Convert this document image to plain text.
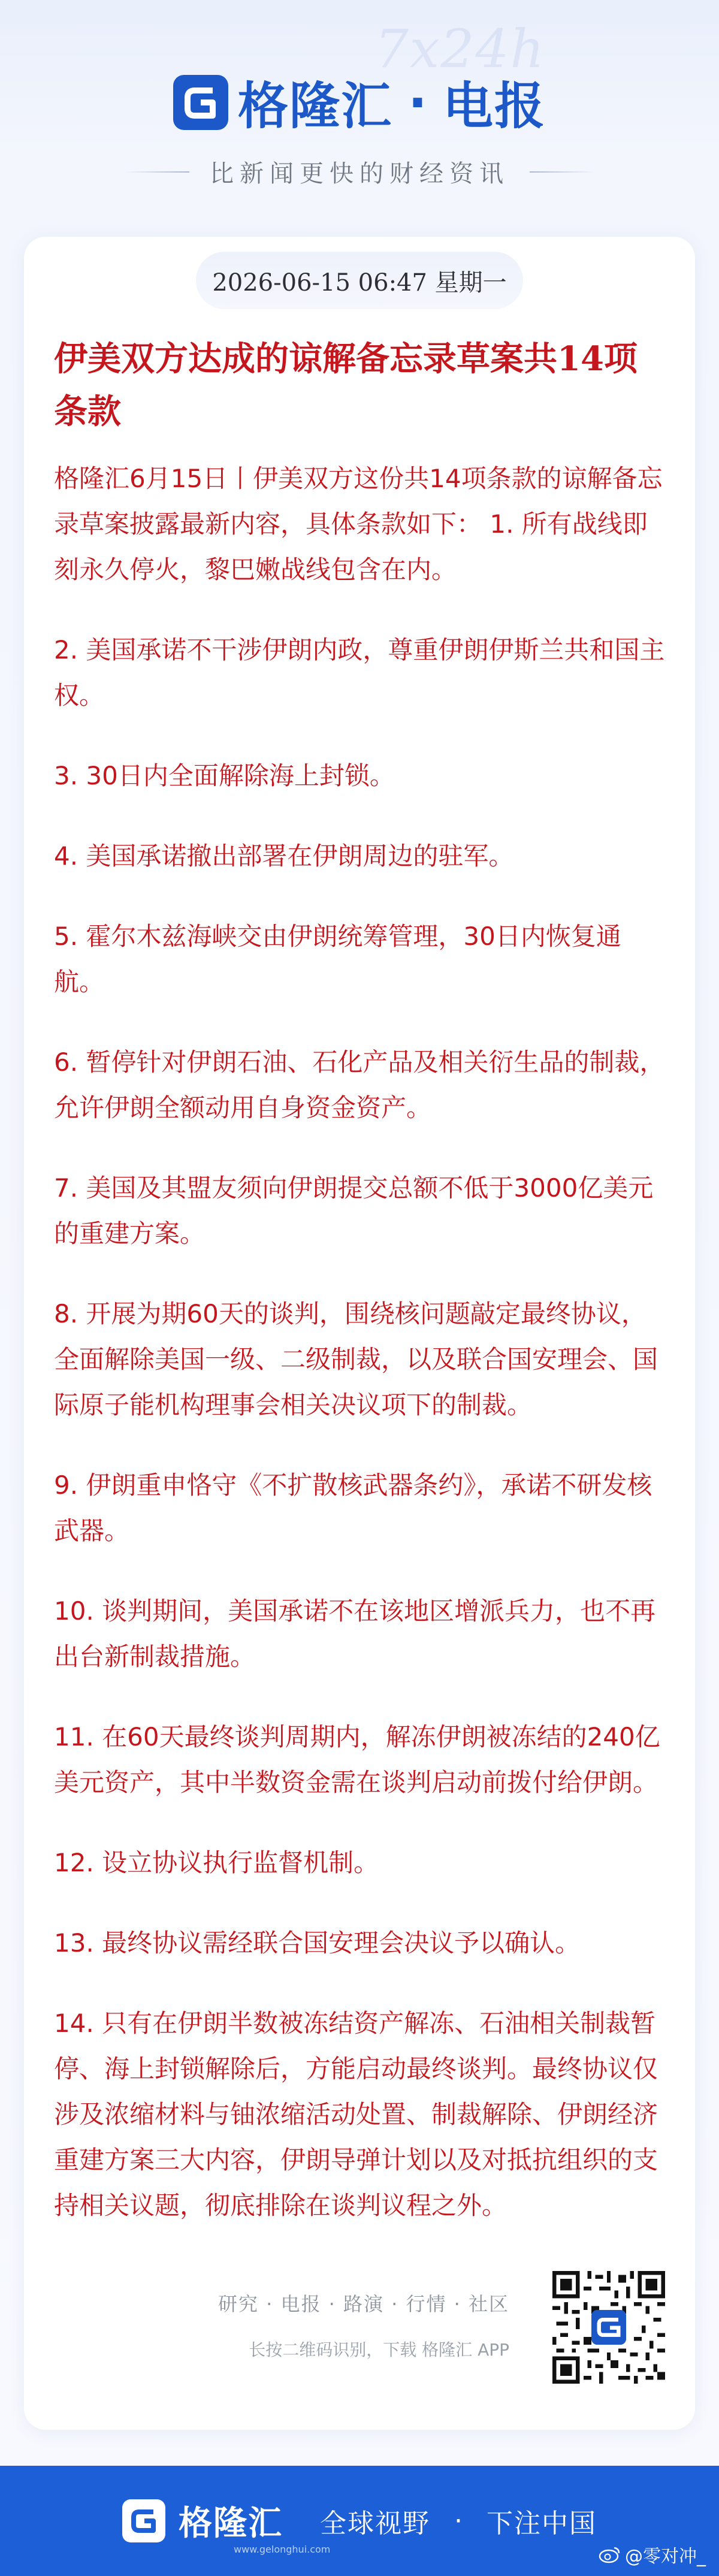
7x24h
格隆汇 · 电报
比新闻更快的财经资讯
2026-06-15 06:47 星期一
伊美双方达成的谅解备忘录草案共14项条款

格隆汇6月15日丨伊美双方这份共14项条款的谅解备忘录草案披露最新内容，具体条款如下： 1. 所有战线即刻永久停火，黎巴嫩战线包含在内。

2. 美国承诺不干涉伊朗内政，尊重伊朗伊斯兰共和国主权。

3. 30日内全面解除海上封锁。

4. 美国承诺撤出部署在伊朗周边的驻军。

5. 霍尔木兹海峡交由伊朗统筹管理，30日内恢复通航。

6. 暂停针对伊朗石油、石化产品及相关衍生品的制裁，允许伊朗全额动用自身资金资产。

7. 美国及其盟友须向伊朗提交总额不低于3000亿美元的重建方案。

8. 开展为期60天的谈判，围绕核问题敲定最终协议，全面解除美国一级、二级制裁，以及联合国安理会、国际原子能机构理事会相关决议项下的制裁。

9. 伊朗重申恪守《不扩散核武器条约》，承诺不研发核武器。

10. 谈判期间，美国承诺不在该地区增派兵力，也不再出台新制裁措施。

11. 在60天最终谈判周期内，解冻伊朗被冻结的240亿美元资产，其中半数资金需在谈判启动前拨付给伊朗。

12. 设立协议执行监督机制。

13. 最终协议需经联合国安理会决议予以确认。

14. 只有在伊朗半数被冻结资产解冻、石油相关制裁暂停、海上封锁解除后，方能启动最终谈判。最终协议仅涉及浓缩材料与铀浓缩活动处置、制裁解除、伊朗经济重建方案三大内容，伊朗导弹计划以及对抵抗组织的支持相关议题，彻底排除在谈判议程之外。

研究 · 电报 · 路演 · 行情 · 社区
长按二维码识别，下载 格隆汇 APP
格隆汇 全球视野 · 下注中国
www.gelonghui.com	@零对冲_
